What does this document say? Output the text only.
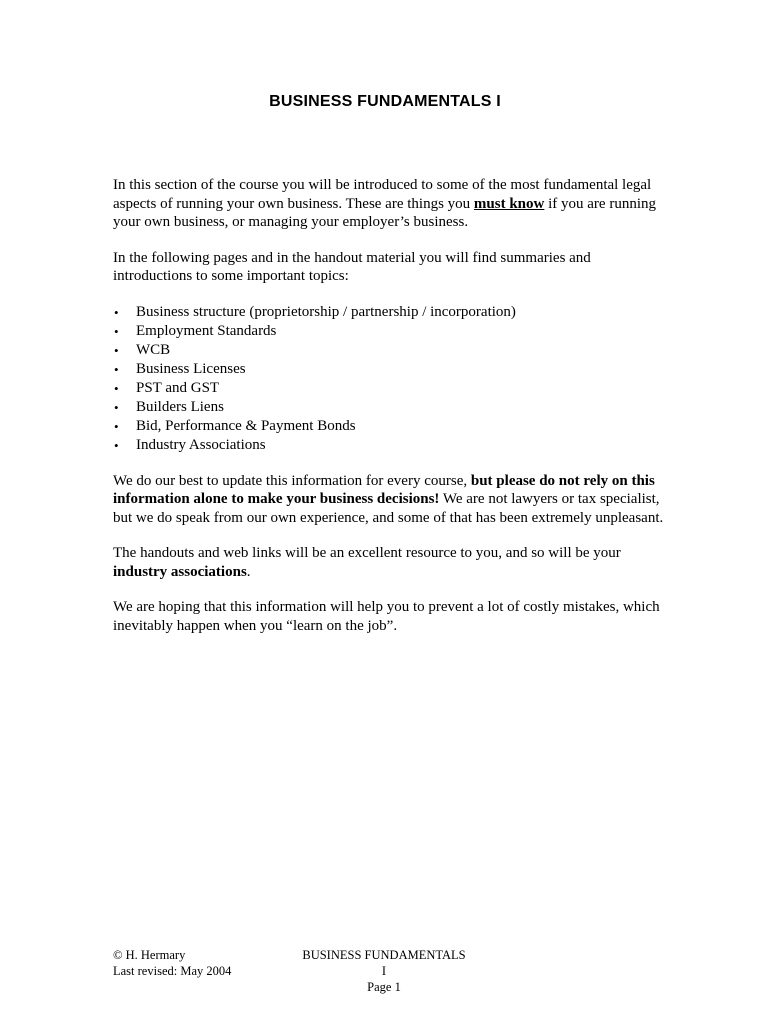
BUSINESS FUNDAMENTALS I

In this section of the course you will be introduced to some of the most fundamental legal aspects of running your own business. These are things you must know if you are running your own business, or managing your employer’s business.

In the following pages and in the handout material you will find summaries and introductions to some important topics:

• Business structure (proprietorship / partnership / incorporation)
• Employment Standards
• WCB
• Business Licenses
• PST and GST
• Builders Liens
• Bid, Performance & Payment Bonds
• Industry Associations

We do our best to update this information for every course, but please do not rely on this information alone to make your business decisions! We are not lawyers or tax specialist, but we do speak from our own experience, and some of that has been extremely unpleasant.

The handouts and web links will be an excellent resource to you, and so will be your industry associations.

We are hoping that this information will help you to prevent a lot of costly mistakes, which inevitably happen when you “learn on the job”.

© H. Hermary
Last revised: May 2004
BUSINESS FUNDAMENTALS I
Page 1
